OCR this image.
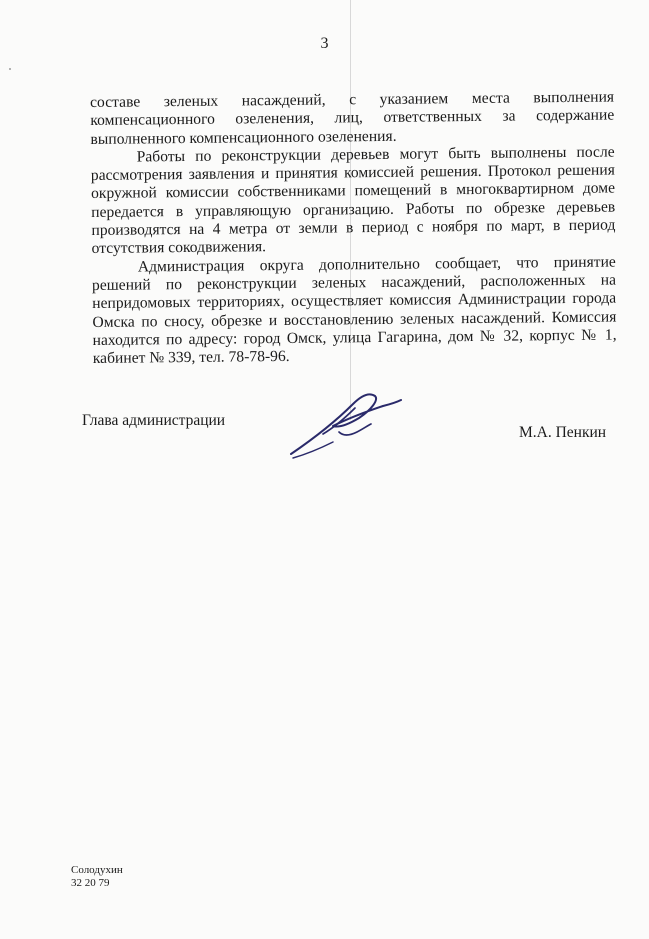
3

составе зеленых насаждений, с указанием места выполнения компенсационного озеленения, лиц, ответственных за содержание выполненного компенсационного озеленения.

Работы по реконструкции деревьев могут быть выполнены после рассмотрения заявления и принятия комиссией решения. Протокол решения окружной комиссии собственниками помещений в многоквартирном доме передается в управляющую организацию. Работы по обрезке деревьев производятся на 4 метра от земли в период с ноября по март, в период отсутствия сокодвижения.

Администрация округа дополнительно сообщает, что принятие решений по реконструкции зеленых насаждений, расположенных на непридомовых территориях, осуществляет комиссия Администрации города Омска по сносу, обрезке и восстановлению зеленых насаждений. Комиссия находится по адресу: город Омск, улица Гагарина, дом № 32, корпус № 1, кабинет № 339, тел. 78-78-96.

Глава администрации
М.А. Пенкин
Солодухин
32 20 79
